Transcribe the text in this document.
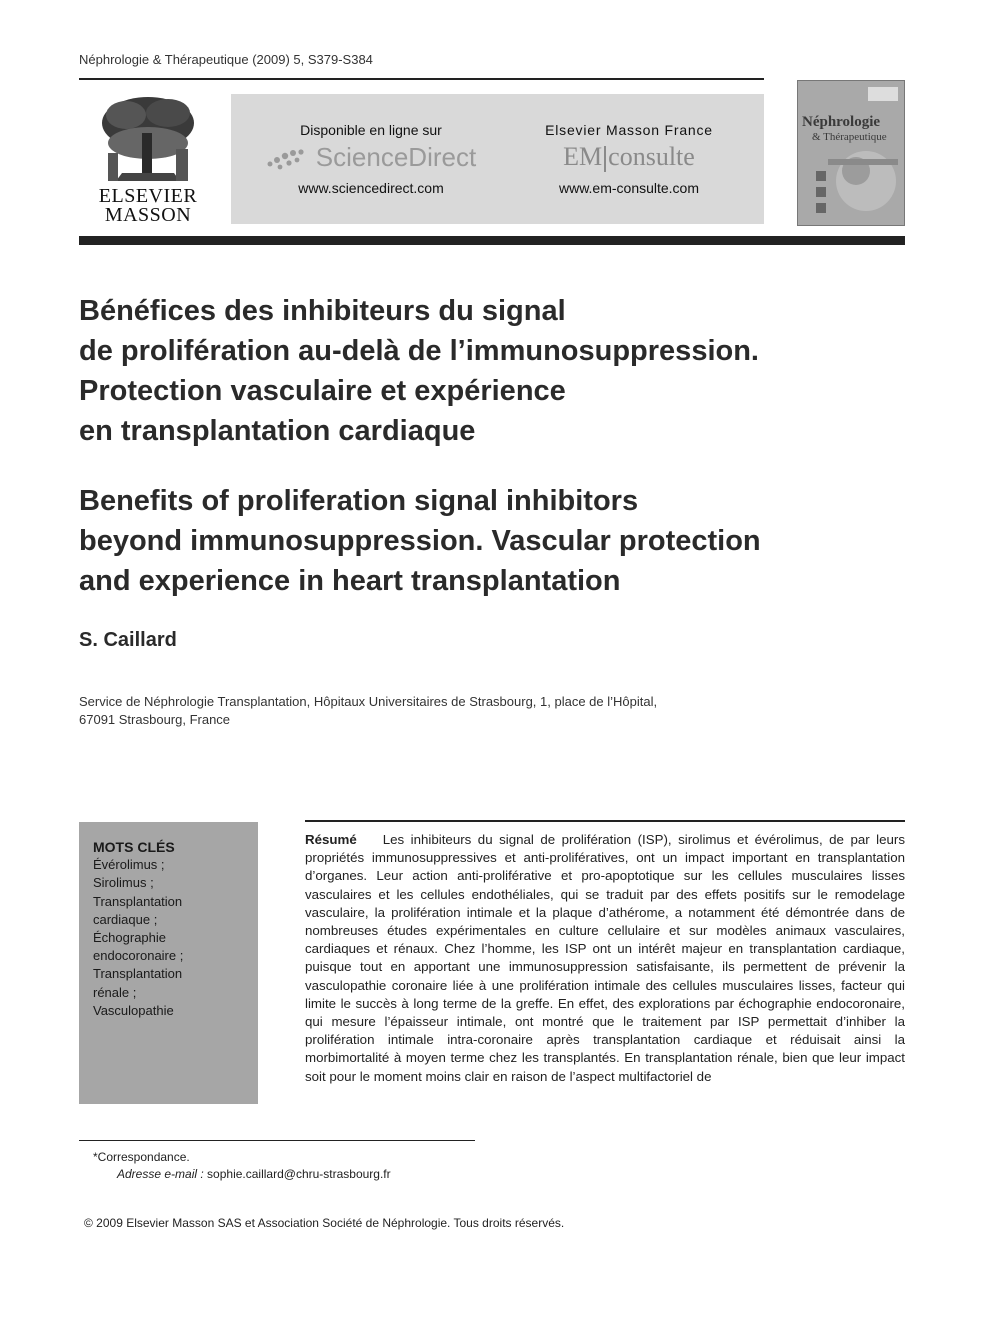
Néphrologie & Thérapeutique (2009) 5, S379-S384
ELSEVIER
MASSON
Disponible en ligne sur
ScienceDirect
www.sciencedirect.com
Elsevier Masson France
EM consulte
www.em-consulte.com
Néphrologie
& Thérapeutique
Bénéfices des inhibiteurs du signal
de prolifération au-delà de l’immunosuppression.
Protection vasculaire et expérience
en transplantation cardiaque
Benefits of proliferation signal inhibitors
beyond immunosuppression. Vascular protection
and experience in heart transplantation
S. Caillard
Service de Néphrologie Transplantation, Hôpitaux Universitaires de Strasbourg, 1, place de l’Hôpital,
67091 Strasbourg, France
MOTS CLÉS
Évérolimus ;
Sirolimus ;
Transplantation
cardiaque ;
Échographie
endocoronaire ;
Transplantation
rénale ;
Vasculopathie
Résumé Les inhibiteurs du signal de prolifération (ISP), sirolimus et évérolimus, de par leurs propriétés immunosuppressives et anti-prolifératives, ont un impact important en transplantation d’organes. Leur action anti-proliférative et pro-apoptotique sur les cellules musculaires lisses vasculaires et les cellules endothéliales, qui se traduit par des effets positifs sur le remodelage vasculaire, la prolifération intimale et la plaque d’athérome, a notamment été démontrée dans de nombreuses études expérimentales en culture cellulaire et sur modèles animaux vasculaires, cardiaques et rénaux. Chez l’homme, les ISP ont un intérêt majeur en transplantation cardiaque, puisque tout en apportant une immunosuppression satisfaisante, ils permettent de prévenir la vasculopathie coronaire liée à une prolifération intimale des cellules musculaires lisses, facteur qui limite le succès à long terme de la greffe. En effet, des explorations par échographie endocoronaire, qui mesure l’épaisseur intimale, ont montré que le traitement par ISP permettait d’inhiber la prolifération intimale intra-coronaire après transplantation cardiaque et réduisait ainsi la morbimortalité à moyen terme chez les transplantés. En transplantation rénale, bien que leur impact soit pour le moment moins clair en raison de l’aspect multifactoriel de
*Correspondance.
Adresse e-mail : sophie.caillard@chru-strasbourg.fr
© 2009 Elsevier Masson SAS et Association Société de Néphrologie. Tous droits réservés.
